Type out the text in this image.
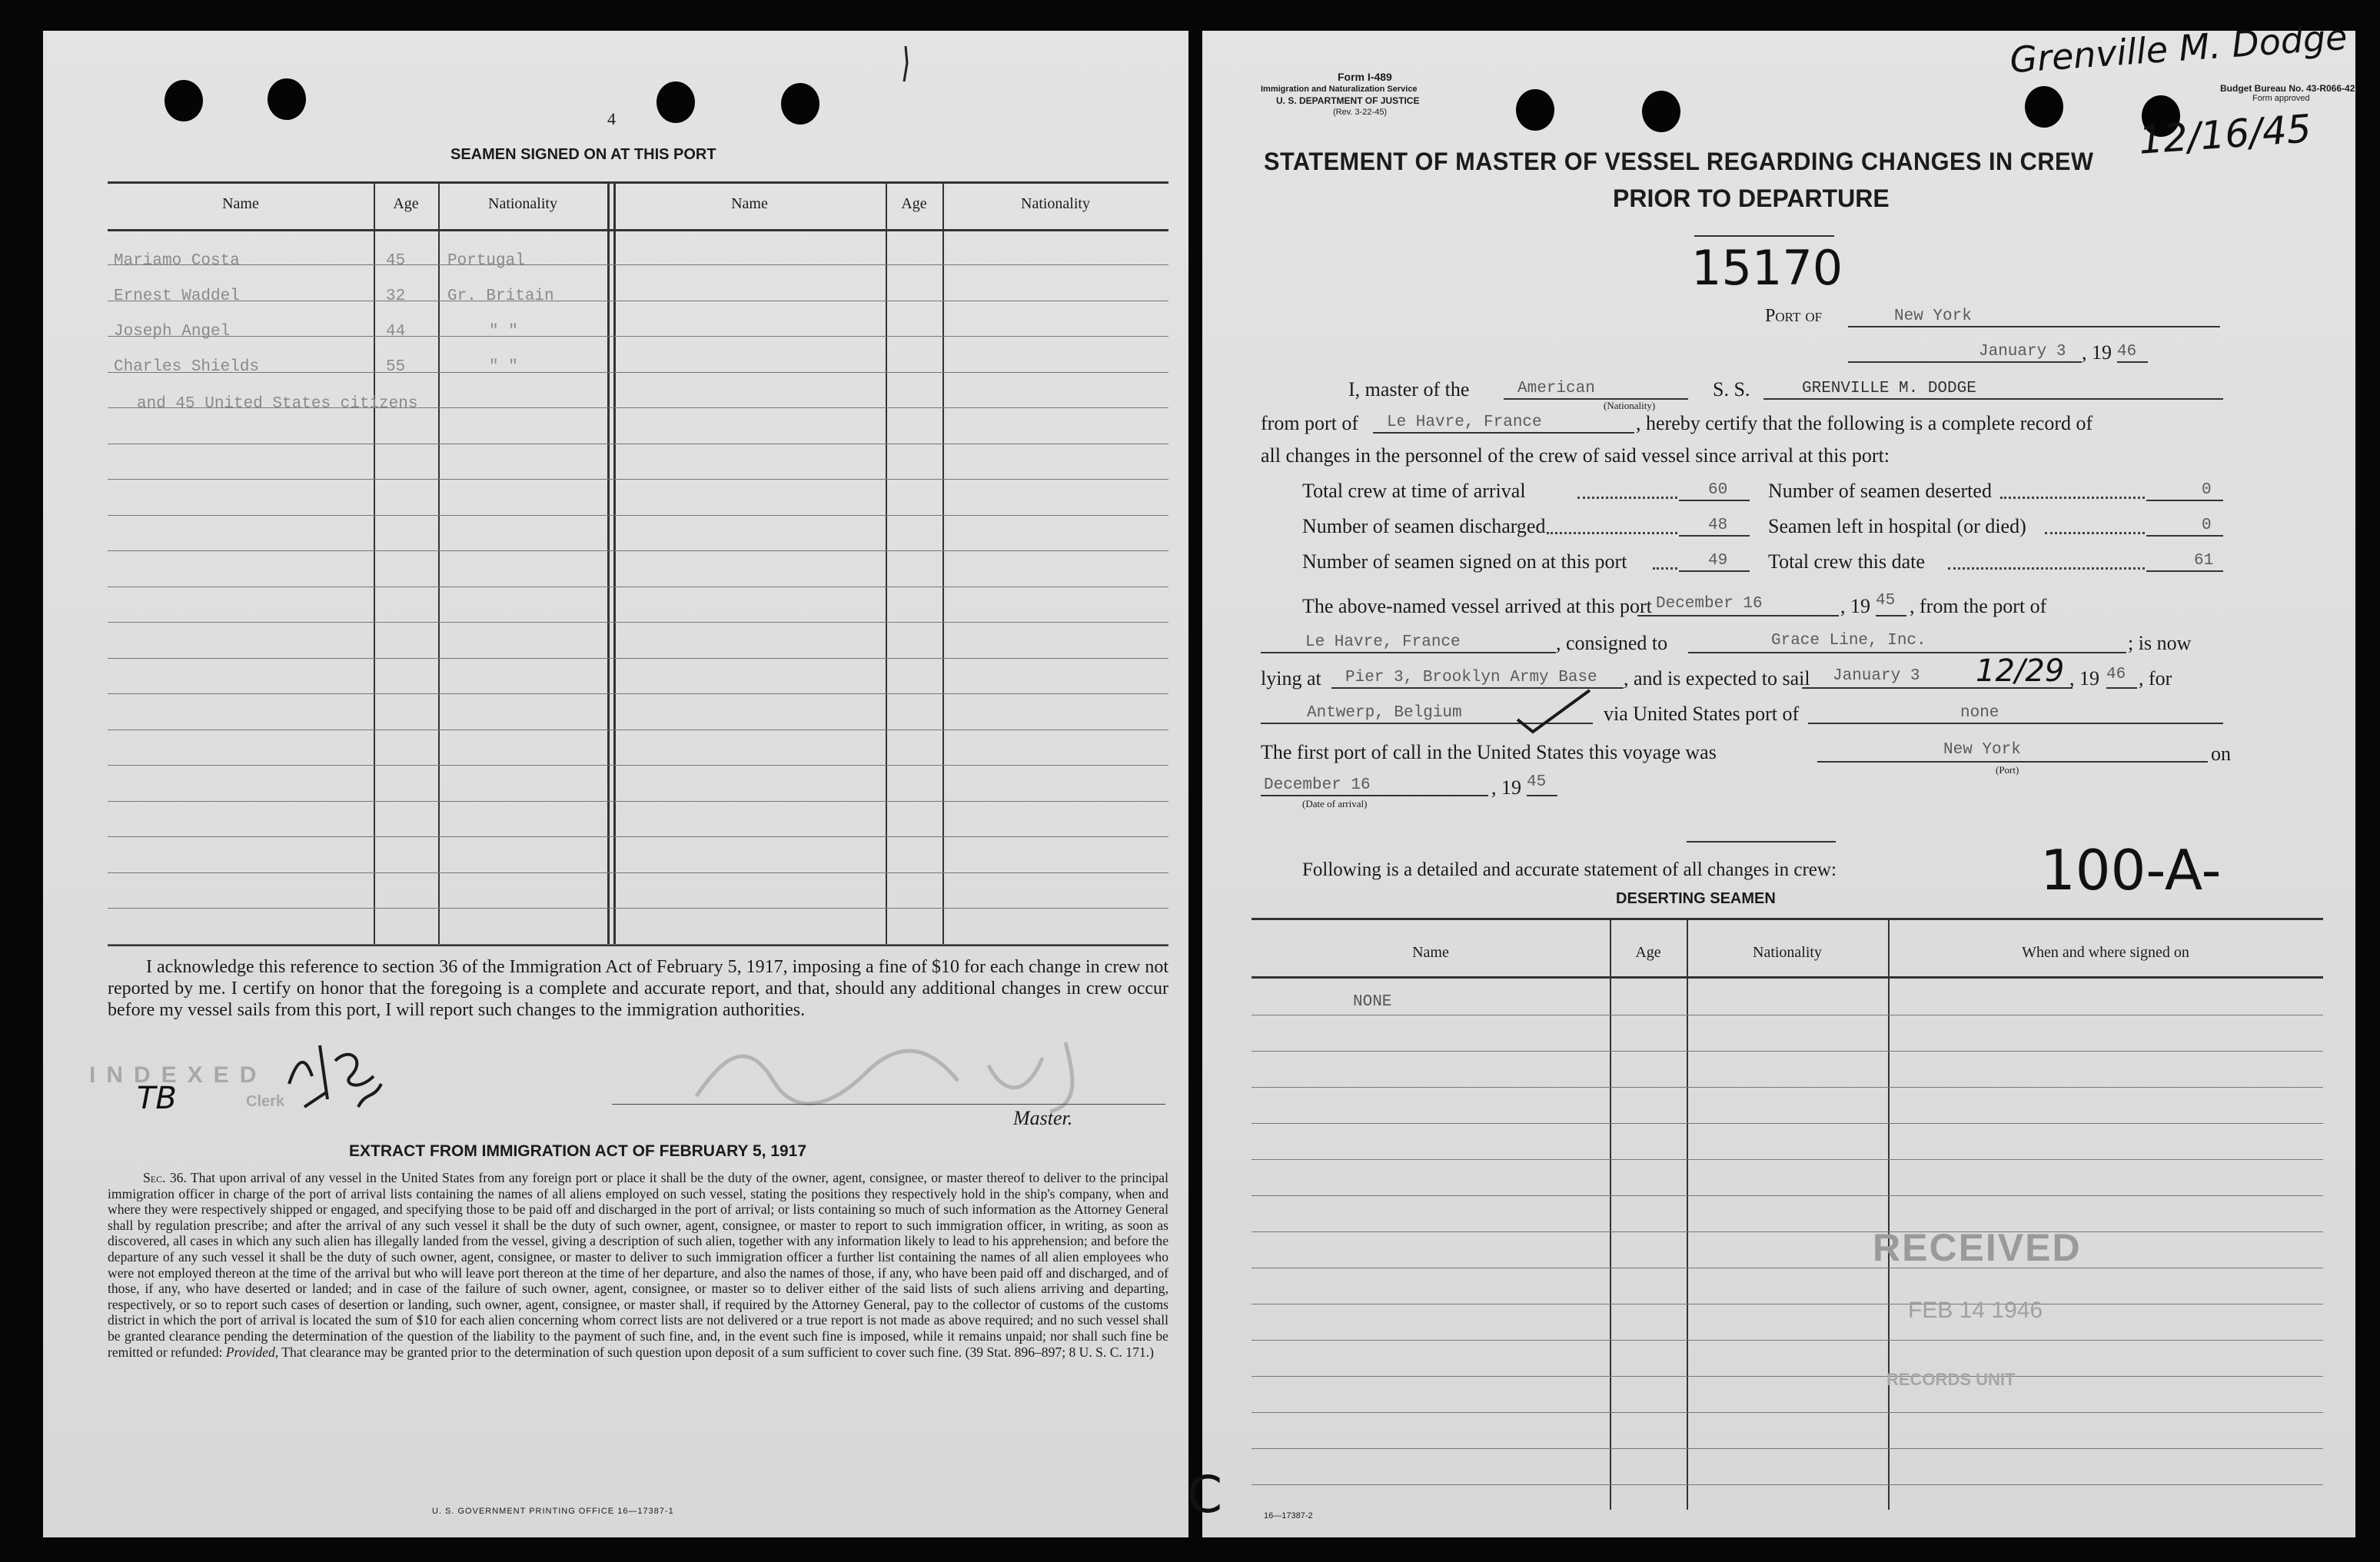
4
SEAMEN SIGNED ON AT THIS PORT
Name	Age	Nationality	Name	Age	Nationality
Mariamo Costa	45	Portugal
Ernest Waddel	32	Gr. Britain
Joseph Angel	44	" "
Charles Shields	55	" "
and 45 United States citizens
I acknowledge this reference to section 36 of the Immigration Act of February 5, 1917, imposing a fine of $10 for each change in crew not reported by me. I certify on honor that the foregoing is a complete and accurate report, and that, should any additional changes in crew occur before my vessel sails from this port, I will report such changes to the immigration authorities.
INDEXED
Clerk
TB
Master.
EXTRACT FROM IMMIGRATION ACT OF FEBRUARY 5, 1917
Sec. 36. That upon arrival of any vessel in the United States from any foreign port or place it shall be the duty of the owner, agent, consignee, or master thereof to deliver to the principal immigration officer in charge of the port of arrival lists containing the names of all aliens employed on such vessel, stating the positions they respectively hold in the ship's company, when and where they were respectively shipped or engaged, and specifying those to be paid off and discharged in the port of arrival; or lists containing so much of such information as the Attorney General shall by regulation prescribe; and after the arrival of any such vessel it shall be the duty of such owner, agent, consignee, or master to report to such immigration officer, in writing, as soon as discovered, all cases in which any such alien has illegally landed from the vessel, giving a description of such alien, together with any information likely to lead to his apprehension; and before the departure of any such vessel it shall be the duty of such owner, agent, consignee, or master to deliver to such immigration officer a further list containing the names of all alien employees who were not employed thereon at the time of the arrival but who will leave port thereon at the time of her departure, and also the names of those, if any, who have been paid off and discharged, and of those, if any, who have deserted or landed; and in case of the failure of such owner, agent, consignee, or master so to deliver either of the said lists of such aliens arriving and departing, respectively, or so to report such cases of desertion or landing, such owner, agent, consignee, or master shall, if required by the Attorney General, pay to the collector of customs of the customs district in which the port of arrival is located the sum of $10 for each alien concerning whom correct lists are not delivered or a true report is not made as above required; and no such vessel shall be granted clearance pending the determination of the question of the liability to the payment of such fine, and, in the event such fine is imposed, while it remains unpaid; nor shall such fine be remitted or refunded: Provided, That clearance may be granted prior to the determination of such question upon deposit of a sum sufficient to cover such fine. (39 Stat. 896–897; 8 U. S. C. 171.)
U. S. GOVERNMENT PRINTING OFFICE 16—17387-1
Form I-489
Immigration and Naturalization Service
U. S. DEPARTMENT OF JUSTICE
(Rev. 3-22-45)
Budget Bureau No. 43-R066-42.
Form approved
Grenville M. Dodge
12/16/45
STATEMENT OF MASTER OF VESSEL REGARDING CHANGES IN CREW
PRIOR TO DEPARTURE
15170
Port of	New York
January 3 , 19 46
I, master of the	American
(Nationality)
S. S.	GRENVILLE M. DODGE
from port of Le Havre, France	, hereby certify that the following is a complete record of
all changes in the personnel of the crew of said vessel since arrival at this port:
Total crew at time of arrival	60 Number of seamen deserted	0
Number of seamen discharged	48 Seamen left in hospital (or died)	0
Number of seamen signed on at this port	49 Total crew this date	61
The above-named vessel arrived at this port December 16	, 19 45 , from the port of
Le Havre, France	, consigned to	Grace Line, Inc.	; is now
lying at Pier 3, Brooklyn Army Base , and is expected to sail January 3 12/29 , 19 46 , for
Antwerp, Belgium	via United States port of	none
The first port of call in the United States this voyage was	New York
(Port)
on
December 16
(Date of arrival)
, 19 45
Following is a detailed and accurate statement of all changes in crew:	100-A-
DESERTING SEAMEN
Name	Age	Nationality	When and where signed on
NONE
RECEIVED
FEB 14 1946
RECORDS UNIT
16—17387-2
C
